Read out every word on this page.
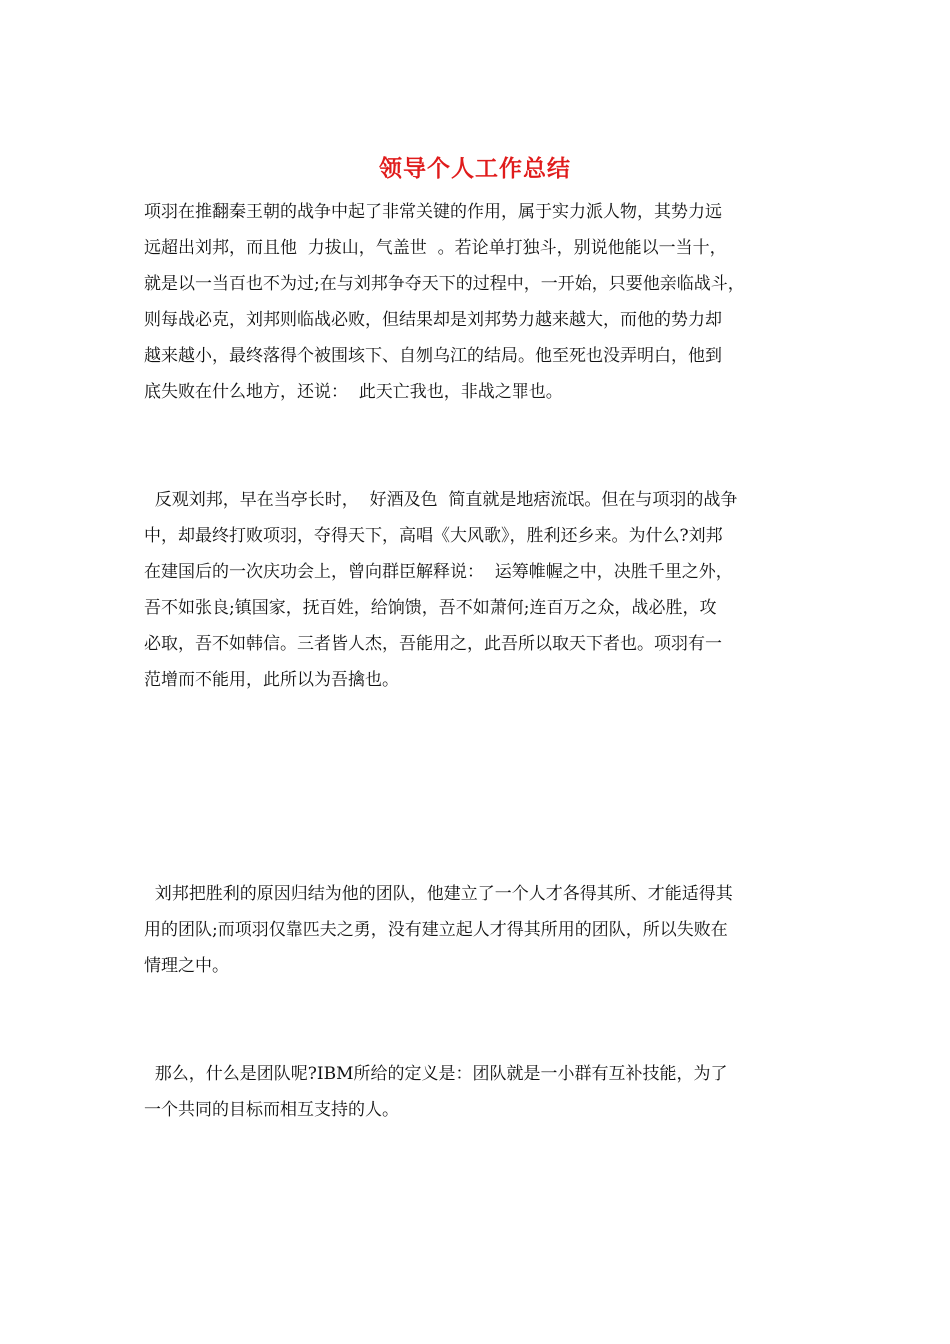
领导个人工作总结
项羽在推翻秦王朝的战争中起了非常关键的作用，属于实力派人物，其势力远
远超出刘邦，而且他  力拔山，气盖世  。若论单打独斗，别说他能以一当十，
就是以一当百也不为过;在与刘邦争夺天下的过程中，一开始，只要他亲临战斗，
则每战必克，刘邦则临战必败，但结果却是刘邦势力越来越大，而他的势力却
越来越小，最终落得个被围垓下、自刎乌江的结局。他至死也没弄明白，他到
底失败在什么地方，还说：  此天亡我也，非战之罪也。
反观刘邦，早在当亭长时，  好酒及色  简直就是地痞流氓。但在与项羽的战争
中，却最终打败项羽，夺得天下，高唱《大风歌》，胜利还乡来。为什么?刘邦
在建国后的一次庆功会上，曾向群臣解释说：  运筹帷幄之中，决胜千里之外，
吾不如张良;镇国家，抚百姓，给饷馈，吾不如萧何;连百万之众，战必胜，攻
必取，吾不如韩信。三者皆人杰，吾能用之，此吾所以取天下者也。项羽有一
范增而不能用，此所以为吾擒也。
刘邦把胜利的原因归结为他的团队，他建立了一个人才各得其所、才能适得其
用的团队;而项羽仅靠匹夫之勇，没有建立起人才得其所用的团队，所以失败在
情理之中。
那么，什么是团队呢?IBM所给的定义是：团队就是一小群有互补技能，为了
一个共同的目标而相互支持的人。
